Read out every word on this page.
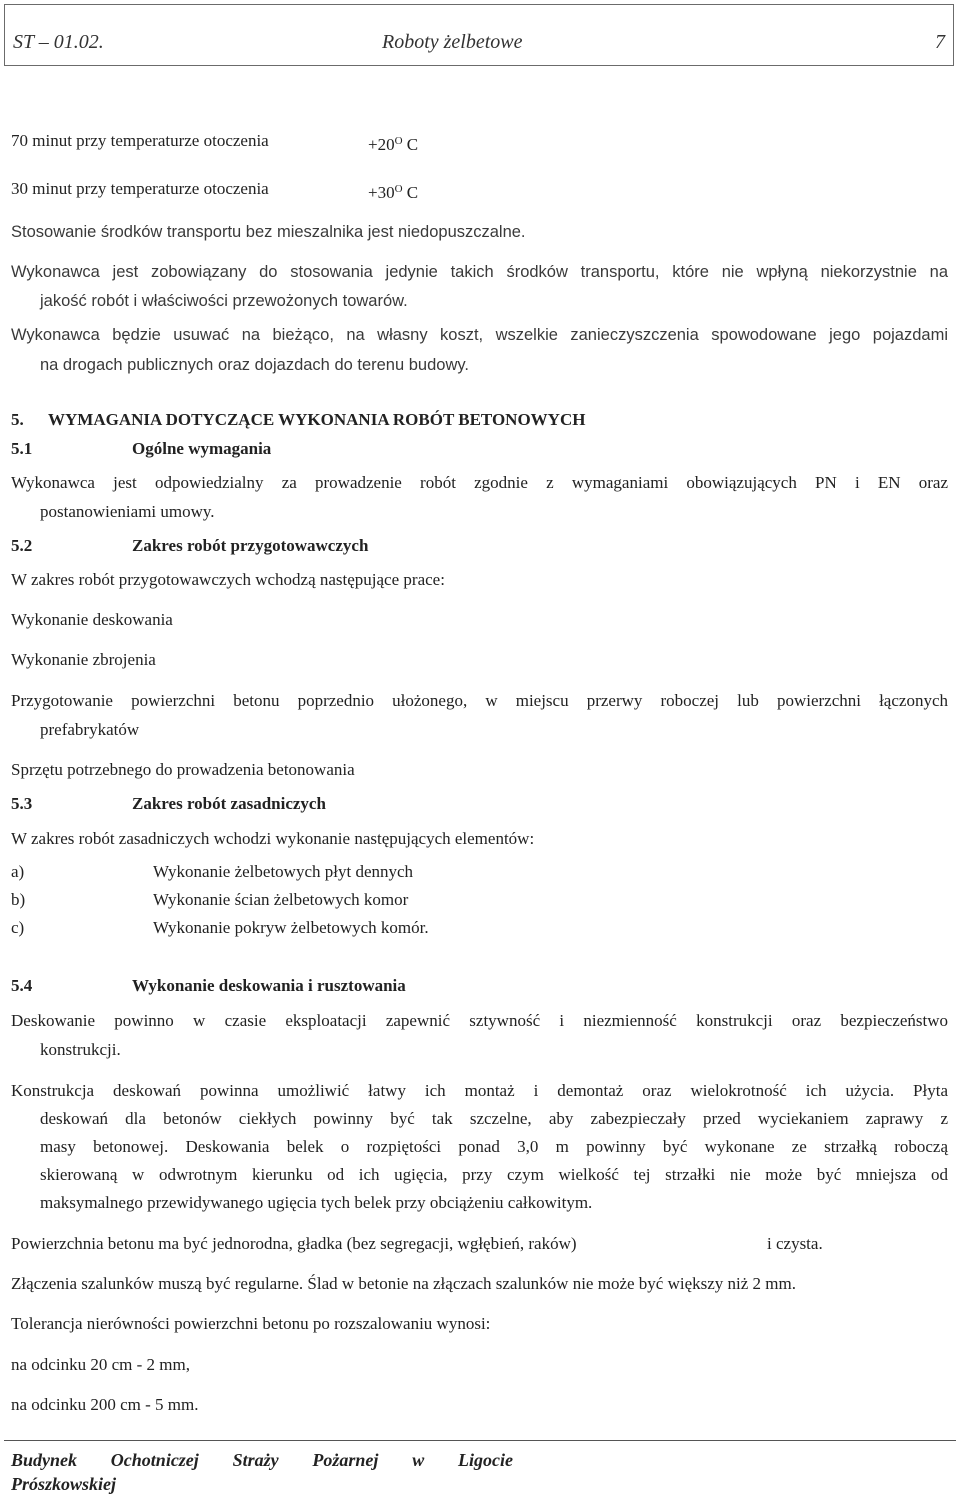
ST – 01.02.	Roboty żelbetowe	7
70 minut przy temperaturze otoczenia	$+20^O$ C
30 minut przy temperaturze otoczenia	$+30^O$ C
Stosowanie środków transportu bez mieszalnika jest niedopuszczalne.
Wykonawca jest zobowiązany do stosowania jedynie takich środków transportu, które nie wpłyną niekorzystnie na
jakość robót i właściwości przewożonych towarów.
Wykonawca będzie usuwać na bieżąco, na własny koszt, wszelkie zanieczyszczenia spowodowane jego pojazdami
na drogach publicznych oraz dojazdach do terenu budowy.
5. WYMAGANIA DOTYCZĄCE WYKONANIA ROBÓT BETONOWYCH
5.1	Ogólne wymagania
Wykonawca jest odpowiedzialny za prowadzenie robót zgodnie z wymaganiami obowiązujących PN i EN oraz
postanowieniami umowy.
5.2	Zakres robót przygotowawczych
W zakres robót przygotowawczych wchodzą następujące prace:
Wykonanie deskowania
Wykonanie zbrojenia
Przygotowanie powierzchni betonu poprzednio ułożonego, w miejscu przerwy roboczej lub powierzchni łączonych
prefabrykatów
Sprzętu potrzebnego do prowadzenia betonowania
5.3	Zakres robót zasadniczych
W zakres robót zasadniczych wchodzi wykonanie następujących elementów:
a)	Wykonanie żelbetowych płyt dennych
b)	Wykonanie ścian żelbetowych komor
c)	Wykonanie pokryw żelbetowych komór.
5.4	Wykonanie deskowania i rusztowania
Deskowanie powinno w czasie eksploatacji zapewnić sztywność i niezmienność konstrukcji oraz bezpieczeństwo
konstrukcji.
Konstrukcja deskowań powinna umożliwić łatwy ich montaż i demontaż oraz wielokrotność ich użycia. Płyta
deskowań dla betonów ciekłych powinny być tak szczelne, aby zabezpieczały przed wyciekaniem zaprawy z
masy betonowej. Deskowania belek o rozpiętości ponad 3,0 m powinny być wykonane ze strzałką roboczą
skierowaną w odwrotnym kierunku od ich ugięcia, przy czym wielkość tej strzałki nie może być mniejsza od
maksymalnego przewidywanego ugięcia tych belek przy obciążeniu całkowitym.
Powierzchnia betonu ma być jednorodna, gładka (bez segregacji, wgłębień, raków)	i czysta.
Złączenia szalunków muszą być regularne. Ślad w betonie na złączach szalunków nie może być większy niż 2 mm.
Tolerancja nierówności powierzchni betonu po rozszalowaniu wynosi:
na odcinku 20 cm - 2 mm,
na odcinku 200 cm - 5 mm.
Budynek Ochotniczej Straży Pożarnej w Ligocie
Prószkowskiej
